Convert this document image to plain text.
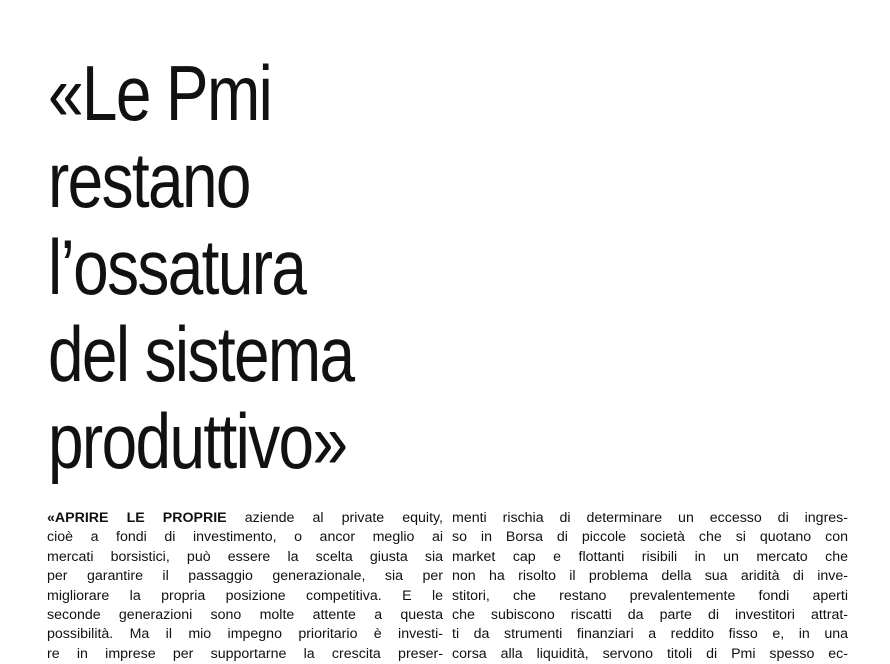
«Le Pmi
restano
l’ossatura
del sistema
produttivo»
«APRIRE LE PROPRIE aziende al private equity,
cioè a fondi di investimento, o ancor meglio ai
mercati borsistici, può essere la scelta giusta sia
per garantire il passaggio generazionale, sia per
migliorare la propria posizione competitiva. E le
seconde generazioni sono molte attente a questa
possibilità. Ma il mio impegno prioritario è investi-
re in imprese per supportarne la crescita preser-
menti rischia di determinare un eccesso di ingres-
so in Borsa di piccole società che si quotano con
market cap e flottanti risibili in un mercato che
non ha risolto il problema della sua aridità di inve-
stitori, che restano prevalentemente fondi aperti
che subiscono riscatti da parte di investitori attrat-
ti da strumenti finanziari a reddito fisso e, in una
corsa alla liquidità, servono titoli di Pmi spesso ec-
